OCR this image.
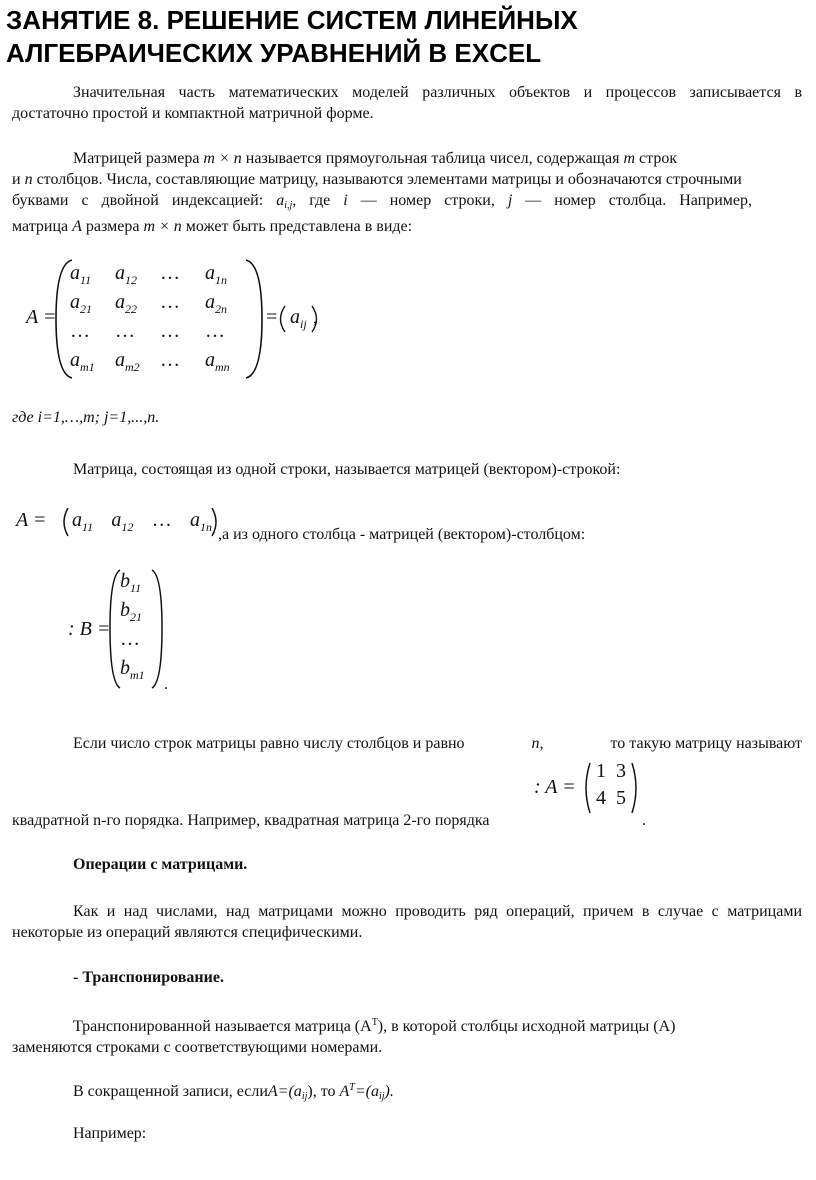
ЗАНЯТИЕ 8. РЕШЕНИЕ СИСТЕМ ЛИНЕЙНЫХ
АЛГЕБРАИЧЕСКИХ УРАВНЕНИЙ В EXCEL
Значительная часть математических моделей различных объектов и процессов записывается в
достаточно простой и компактной матричной форме.
Матрицей размера m × n называется прямоугольная таблица чисел, содержащая m строк
и n столбцов. Числа, составляющие матрицу, называются элементами матрицы и обозначаются строчными
буквами с двойной индексацией: $a_{i,j}$, где i — номер строки, j — номер столбца. Например,
матрица A размера m × n может быть представлена в виде:
A =
$a_{11}$	$a_{12}$	…	$a_{1n}$
$a_{21}$	$a_{22}$	…	$a_{2n}$
…	…	…	…
$a_{m1}$	$a_{m2}$	…	$a_{mn}$
= $a_{ij}$ ,
где i=1,…,m; j=1,...,n.
Матрица, состоящая из одной строки, называется матрицей (вектором)-строкой:
$A = a_{11}$ $a_{12}$ … $a_{1n}$ ,а из одного столбца - матрицей (вектором)-столбцом:
: B =
$b_{11}$
$b_{21}$
…
$b_{m1}$
.
Если число строк матрицы равно числу столбцов и равно	n,	то такую матрицу называют
: A =
1 3
4 5
квадратной n-го порядка. Например, квадратная матрица 2-го порядка	.
Операции с матрицами.
Как и над числами, над матрицами можно проводить ряд операций, причем в случае с матрицами
некоторые из операций являются специфическими.
- Транспонирование.
Транспонированной называется матрица $(A^T)$, в которой столбцы исходной матрицы (A)
заменяются строками с соответствующими номерами.
В сокращенной записи, $еслиA=(a_{ij})$, то $A^T=(a_{ij})$.
Например:
